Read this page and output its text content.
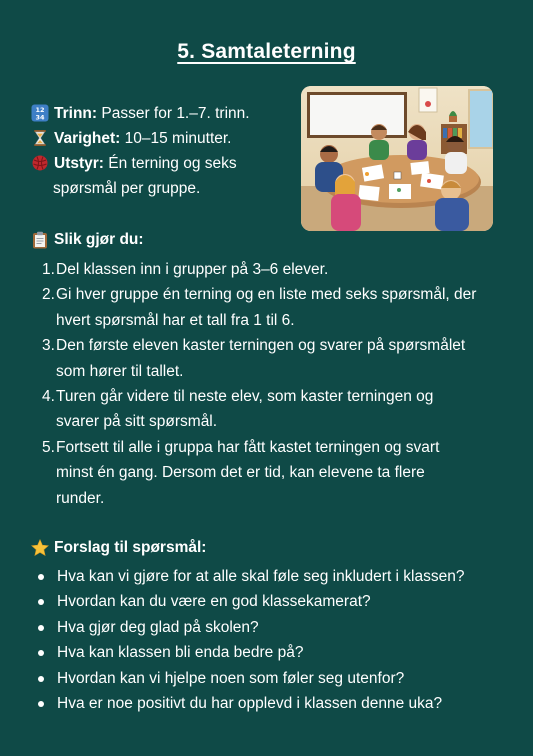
5. Samtaleterning
12
34 Trinn: Passer for 1.–7. trinn.
Varighet: 10–15 minutter.
Utstyr: Én terning og seks
spørsmål per gruppe.
Slik gjør du:
1. Del klassen inn i grupper på 3–6 elever.
2. Gi hver gruppe én terning og en liste med seks spørsmål, der
hvert spørsmål har et tall fra 1 til 6.
3. Den første eleven kaster terningen og svarer på spørsmålet
som hører til tallet.
4. Turen går videre til neste elev, som kaster terningen og
svarer på sitt spørsmål.
5. Fortsett til alle i gruppa har fått kastet terningen og svart
minst én gang. Dersom det er tid, kan elevene ta flere
runder.
Forslag til spørsmål:
Hva kan vi gjøre for at alle skal føle seg inkludert i klassen?
Hvordan kan du være en god klassekamerat?
Hva gjør deg glad på skolen?
Hva kan klassen bli enda bedre på?
Hvordan kan vi hjelpe noen som føler seg utenfor?
Hva er noe positivt du har opplevd i klassen denne uka?
